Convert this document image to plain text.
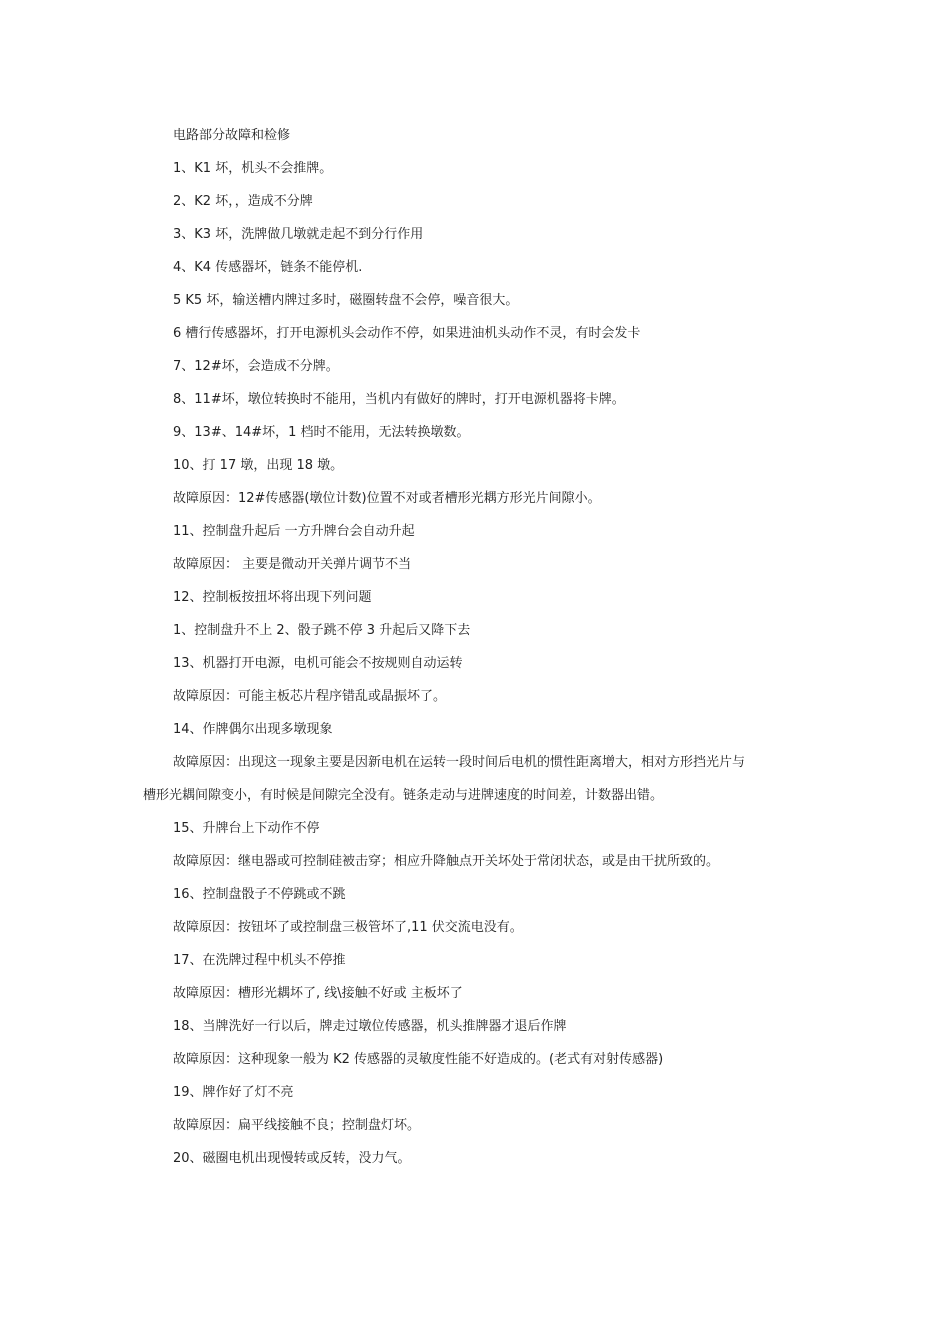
电路部分故障和检修
1、K1 坏，机头不会推牌。
2、K2 坏，，造成不分牌
3、K3 坏，洗牌做几墩就走起不到分行作用
4、K4 传感器坏，链条不能停机.
5 K5 坏，输送槽内牌过多时，磁圈转盘不会停，噪音很大。
6 槽行传感器坏，打开电源机头会动作不停，如果进油机头动作不灵，有时会发卡
7、12#坏，会造成不分牌。
8、11#坏，墩位转换时不能用，当机内有做好的牌时，打开电源机器将卡牌。
9、13#、14#坏，1 档时不能用，无法转换墩数。
10、打 17 墩，出现 18 墩。
故障原因：12#传感器(墩位计数)位置不对或者槽形光耦方形光片间隙小。
11、控制盘升起后 一方升牌台会自动升起
故障原因： 主要是微动开关弹片调节不当
12、控制板按扭坏将出现下列问题
1、控制盘升不上 2、骰子跳不停 3 升起后又降下去
13、机器打开电源，电机可能会不按规则自动运转
故障原因：可能主板芯片程序错乱或晶振坏了。
14、作牌偶尔出现多墩现象
故障原因：出现这一现象主要是因新电机在运转一段时间后电机的惯性距离增大，相对方形挡光片与
槽形光耦间隙变小，有时候是间隙完全没有。链条走动与进牌速度的时间差，计数器出错。
15、升牌台上下动作不停
故障原因：继电器或可控制硅被击穿；相应升降触点开关坏处于常闭状态，或是由干扰所致的。
16、控制盘骰子不停跳或不跳
故障原因：按钮坏了或控制盘三极管坏了,11 伏交流电没有。
17、在洗牌过程中机头不停推
故障原因：槽形光耦坏了, 线\接触不好或 主板坏了
18、当牌洗好一行以后，牌走过墩位传感器，机头推牌器才退后作牌
故障原因：这种现象一般为 K2 传感器的灵敏度性能不好造成的。(老式有对射传感器)
19、牌作好了灯不亮
故障原因：扁平线接触不良；控制盘灯坏。
20、磁圈电机出现慢转或反转，没力气。
